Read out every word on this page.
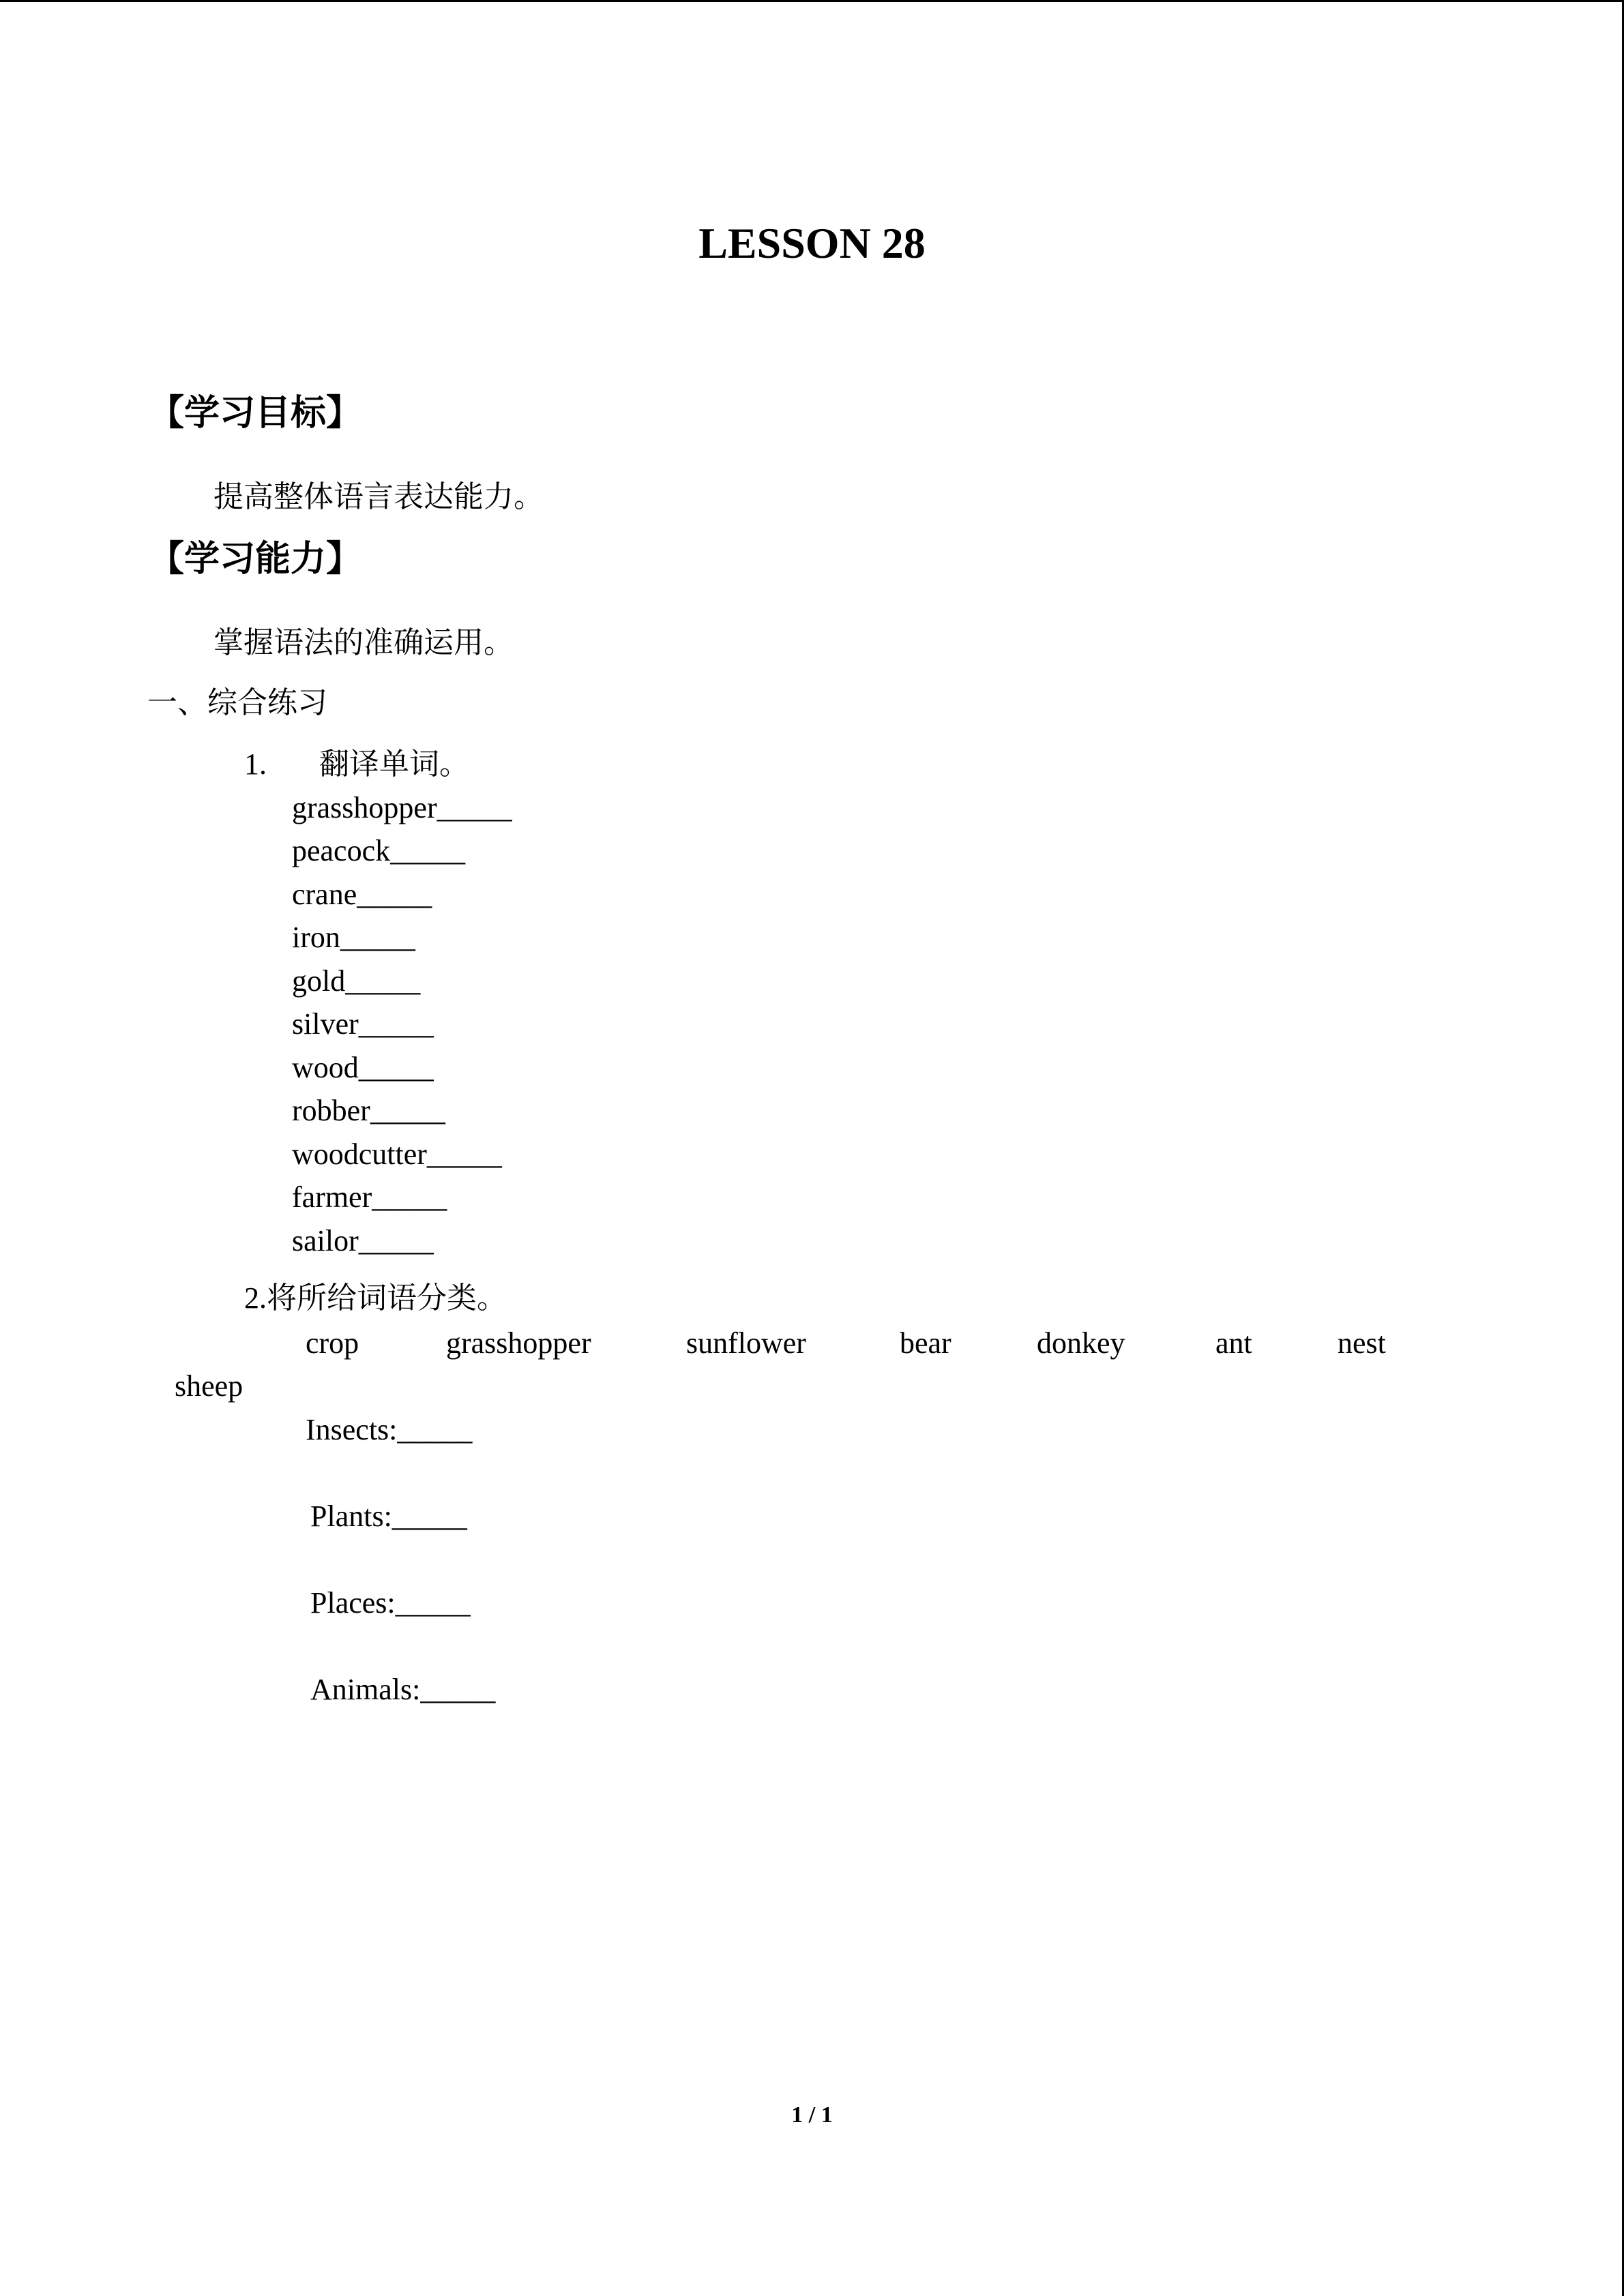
LESSON 28
【学习目标】
提高整体语言表达能力。
【学习能力】
掌握语法的准确运用。
一、综合练习
1. 翻译单词。
grasshopper_____
peacock_____
crane_____
iron_____
gold_____
silver_____
wood_____
robber_____
woodcutter_____
farmer_____
sailor_____
2.将所给词语分类。
crop	grasshopper	sunflower	bear	donkey	ant	nest
sheep
Insects:_____
Plants:_____
Places:_____
Animals:_____
1 / 1
